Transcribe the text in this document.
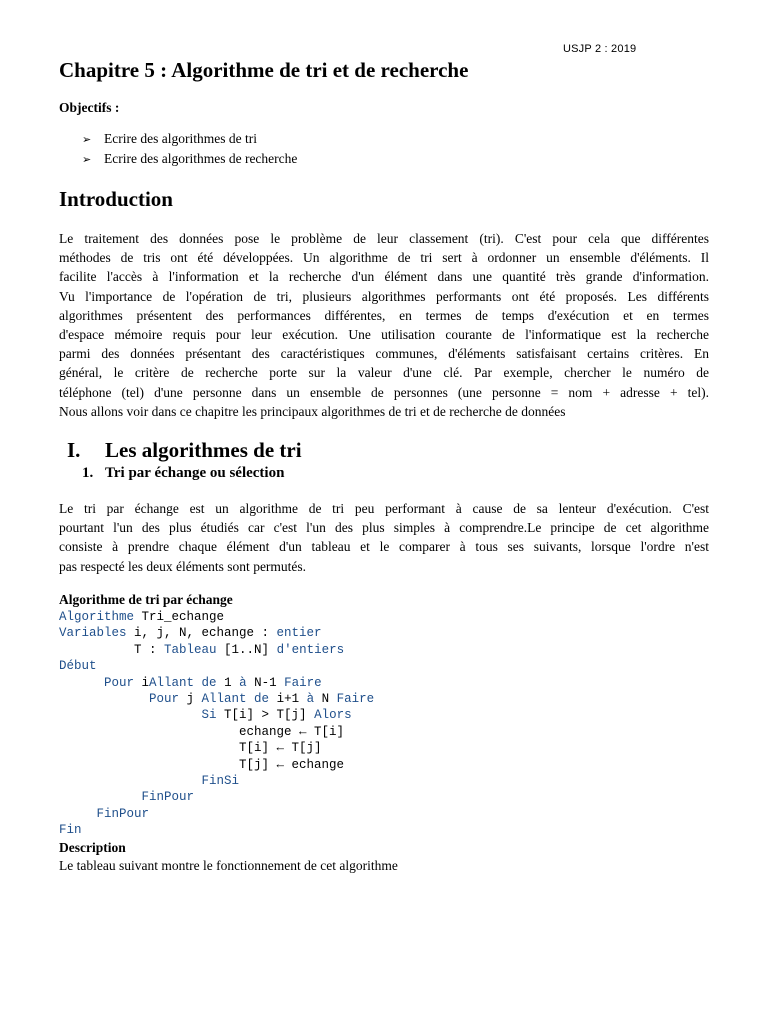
USJP 2 : 2019
Chapitre 5 : Algorithme de tri et de recherche
Objectifs :
➢ Ecrire des algorithmes de tri
➢ Ecrire des algorithmes de recherche
Introduction
Le traitement des données pose le problème de leur classement (tri). C'est pour cela que différentes
méthodes de tris ont été développées. Un algorithme de tri sert à ordonner un ensemble d'éléments. Il
facilite l'accès à l'information et la recherche d'un élément dans une quantité très grande d'information.
Vu l'importance de l'opération de tri, plusieurs algorithmes performants ont été proposés. Les différents
algorithmes présentent des performances différentes, en termes de temps d'exécution et en termes
d'espace mémoire requis pour leur exécution. Une utilisation courante de l'informatique est la recherche
parmi des données présentant des caractéristiques communes, d'éléments satisfaisant certains critères. En
général, le critère de recherche porte sur la valeur d'une clé. Par exemple, chercher le numéro de
téléphone (tel) d'une personne dans un ensemble de personnes (une personne = nom + adresse + tel).
Nous allons voir dans ce chapitre les principaux algorithmes de tri et de recherche de données
I. Les algorithmes de tri
1. Tri par échange ou sélection
Le tri par échange est un algorithme de tri peu performant à cause de sa lenteur d'exécution. C'est
pourtant l'un des plus étudiés car c'est l'un des plus simples à comprendre.Le principe de cet algorithme
consiste à prendre chaque élément d'un tableau et le comparer à tous ses suivants, lorsque l'ordre n'est
pas respecté les deux éléments sont permutés.
Algorithme de tri par échange
Algorithme Tri_echange
Variables i, j, N, echange : entier
T : Tableau [1..N] d'entiers
Début
Pour iAllant de 1 à N-1 Faire
Pour j Allant de i+1 à N Faire
Si T[i] > T[j] Alors
echange ← T[i]
T[i] ← T[j]
T[j] ← echange
FinSi
FinPour
FinPour
Fin
Description
Le tableau suivant montre le fonctionnement de cet algorithme
